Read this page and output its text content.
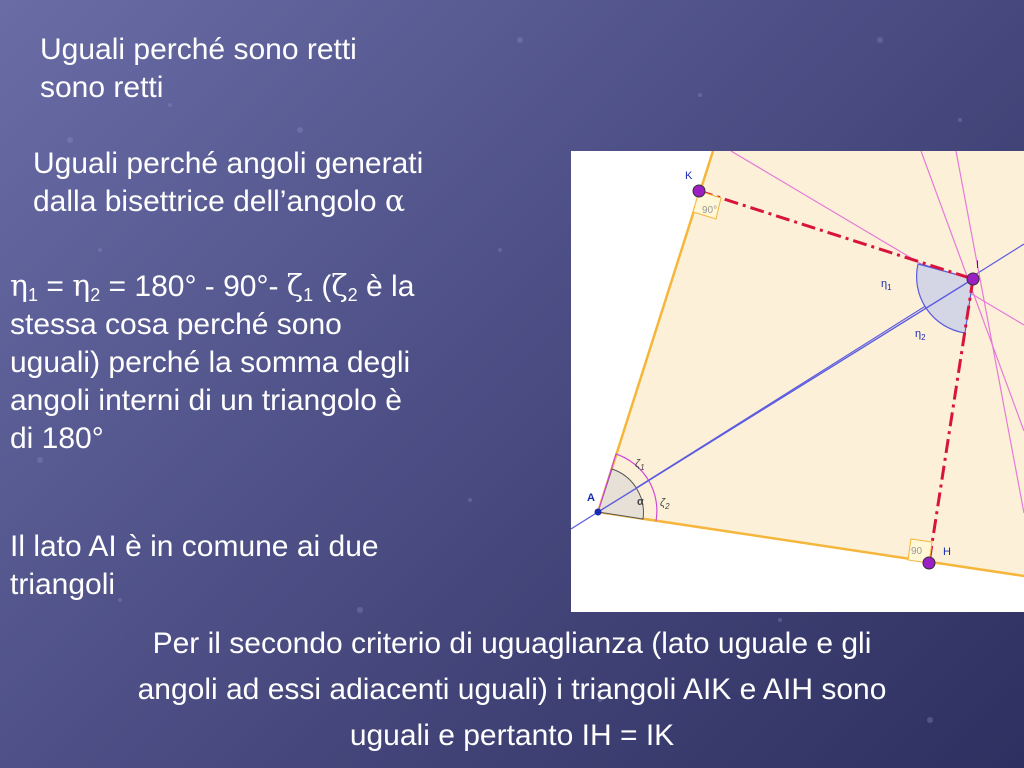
Uguali perché sono retti
sono retti
Uguali perché angoli generati
dalla bisettrice dell’angolo α
$\eta_1 = \eta_2 = 180^\circ - 90^\circ-$ $\zeta_1$ ($\zeta_2$ è la
stessa cosa perché sono
uguali) perché la somma degli
angoli interni di un triangolo è
di 180°
Il lato AI è in comune ai due
triangoli
Per il secondo criterio di uguaglianza (lato uguale e gli
angoli ad essi adiacenti uguali) i triangoli AIK e AIH sono
uguali e pertanto IH = IK
K
I
H
A
$\eta_1$
$\eta_2$
90°
90
α
$\zeta_1$
$\zeta_2$
